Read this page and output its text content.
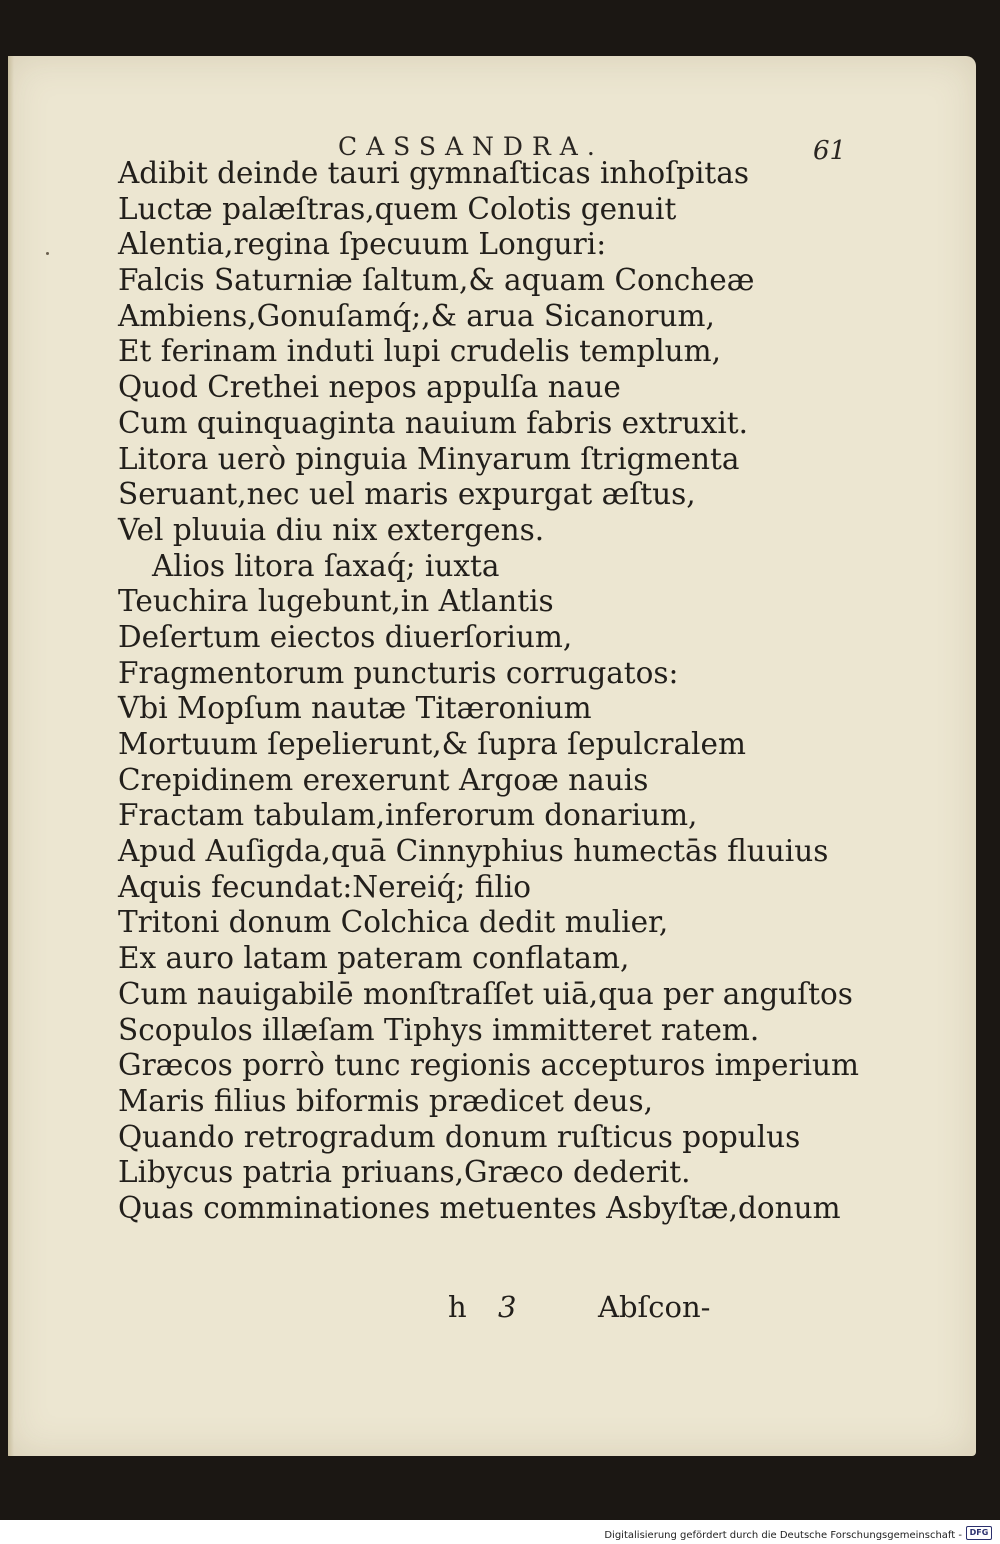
CASSANDRA.	61
Adibit deinde tauri gymnaſticas inhoſpitas
Luctæ palæſtras,quem Colotis genuit
Alentia,regina ſpecuum Longuri:
Falcis Saturniæ ſaltum,& aquam Concheæ
Ambiens,Gonuſamq́;,& arua Sicanorum,
Et ferinam induti lupi crudelis templum,
Quod Crethei nepos appulſa naue
Cum quinquaginta nauium fabris extruxit.
Litora uerò pinguia Minyarum ſtrigmenta
Seruant,nec uel maris expurgat æſtus,
Vel pluuia diu nix extergens.
Alios litora ſaxaq́; iuxta
Teuchira lugebunt,in Atlantis
Deſertum eiectos diuerſorium,
Fragmentorum puncturis corrugatos:
Vbi Mopſum nautæ Titæronium
Mortuum ſepelierunt,& ſupra ſepulcralem
Crepidinem erexerunt Argoæ nauis
Fractam tabulam,inferorum donarium,
Apud Auſigda,quā Cinnyphius humectās fluuius
Aquis fecundat:Nereiq́; filio
Tritoni donum Colchica dedit mulier,
Ex auro latam pateram conflatam,
Cum nauigabilē monſtraſſet uiā,qua per anguſtos
Scopulos illæſam Tiphys immitteret ratem.
Græcos porrò tunc regionis accepturos imperium
Maris filius biformis prædicet deus,
Quando retrogradum donum ruſticus populus
Libycus patria priuans,Græco dederit.
Quas comminationes metuentes Asbyſtæ,donum
h 3	Abſcon-
Digitalisierung gefördert durch die Deutsche Forschungsgemeinschaft - DFG
